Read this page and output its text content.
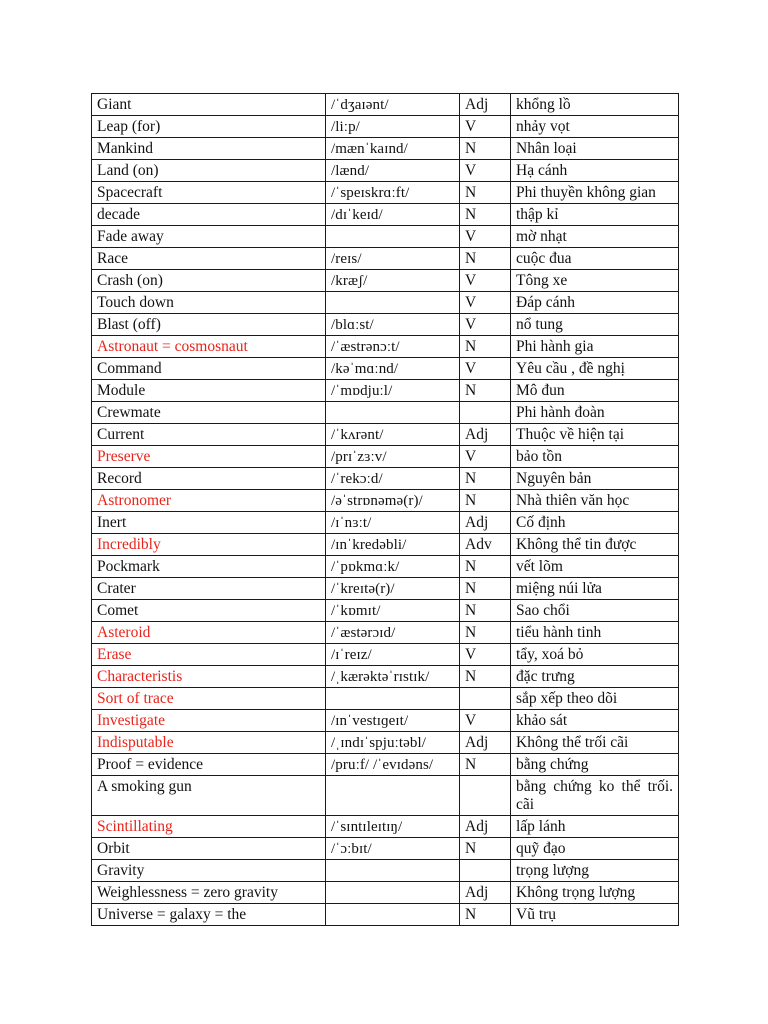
Giant	/ˈdʒaɪənt/	Adj	khổng lồ
Leap (for)	/liːp/	V	nhảy vọt
Mankind	/mænˈkaɪnd/	N	Nhân loại
Land (on)	/lænd/	V	Hạ cánh
Spacecraft	/ˈspeɪskrɑːft/	N	Phi thuyền không gian
decade	/dɪˈkeɪd/	N	thập kỉ
Fade away		V	mờ nhạt
Race	/reɪs/	N	cuộc đua
Crash (on)	/kræʃ/	V	Tông xe
Touch down		V	Đáp cánh
Blast (off)	/blɑːst/	V	nổ tung
Astronaut = cosmosnaut	/ˈæstrənɔːt/	N	Phi hành gia
Command	/kəˈmɑːnd/	V	Yêu cầu , đề nghị
Module	/ˈmɒdjuːl/	N	Mô đun
Crewmate			Phi hành đoàn
Current	/ˈkʌrənt/	Adj	Thuộc về hiện tại
Preserve	/prɪˈzɜːv/	V	bảo tồn
Record	/ˈrekɔːd/	N	Nguyên bản
Astronomer	/əˈstrɒnəmə(r)/	N	Nhà thiên văn học
Inert	/ɪˈnɜːt/	Adj	Cố định
Incredibly	/ɪnˈkredəbli/	Adv	Không thể tin được
Pockmark	/ˈpɒkmɑːk/	N	vết lõm
Crater	/ˈkreɪtə(r)/	N	miệng núi lửa
Comet	/ˈkɒmɪt/	N	Sao chổi
Asteroid	/ˈæstərɔɪd/	N	tiểu hành tinh
Erase	/ɪˈreɪz/	V	tẩy, xoá bỏ
Characteristis	/ˌkærəktəˈrɪstɪk/	N	đặc trưng
Sort of trace			sắp xếp theo dõi
Investigate	/ɪnˈvestɪɡeɪt/	V	khảo sát
Indisputable	/ˌɪndɪˈspjuːtəbl/	Adj	Không thể trối cãi
Proof = evidence	/pruːf/ /ˈevɪdəns/	N	bằng chứng
A smoking gun			bằng chứng ko thể trối. cãi
Scintillating	/ˈsɪntɪleɪtɪŋ/	Adj	lấp lánh
Orbit	/ˈɔːbɪt/	N	quỹ đạo
Gravity			trọng lượng
Weighlessness = zero gravity		Adj	Không trọng lượng
Universe = galaxy = the		N	Vũ trụ
